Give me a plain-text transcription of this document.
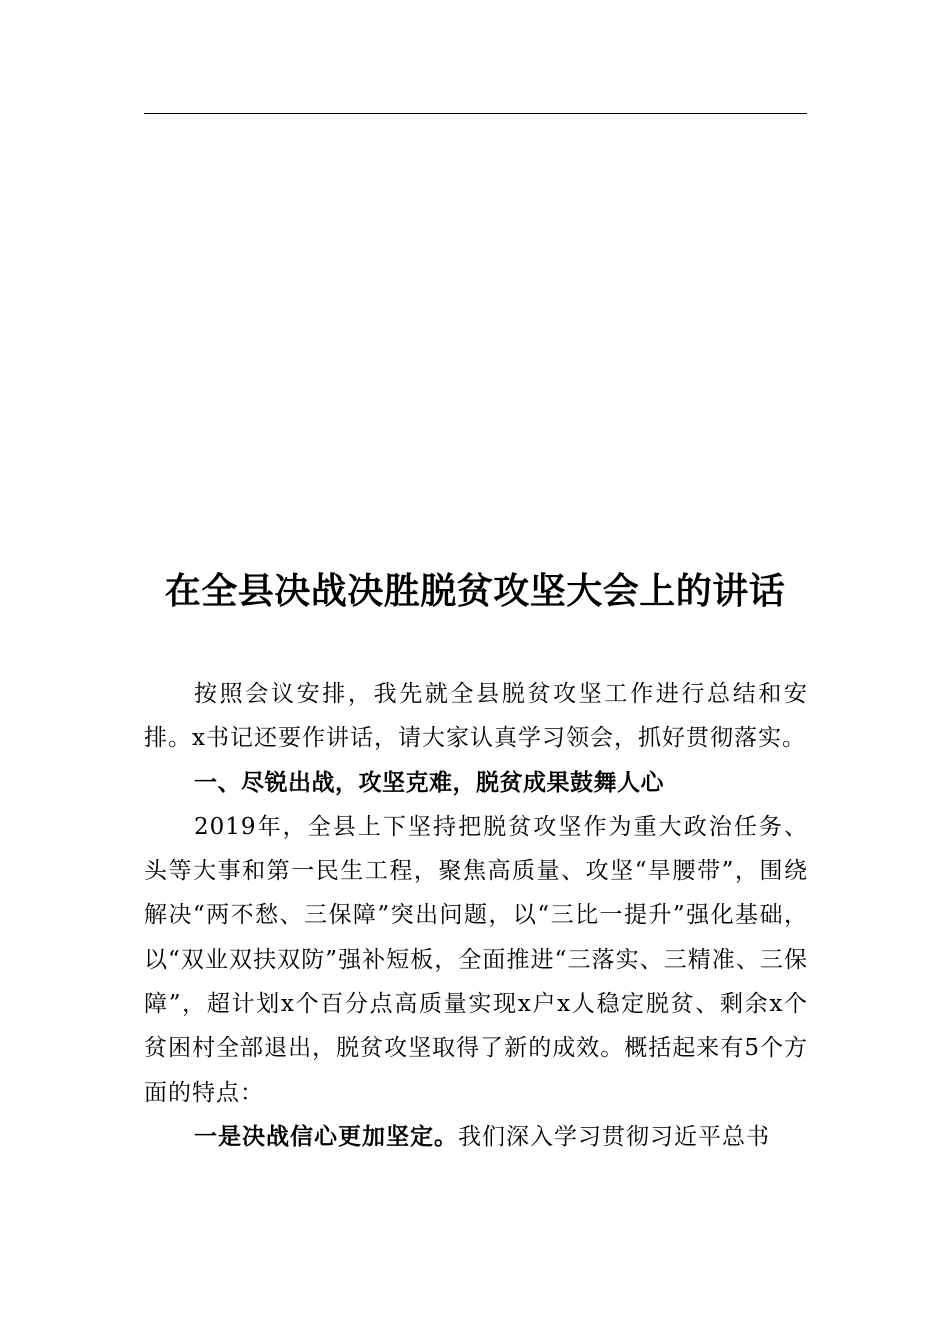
在全县决战决胜脱贫攻坚大会上的讲话

按照会议安排，我先就全县脱贫攻坚工作进行总结和安排。x书记还要作讲话，请大家认真学习领会，抓好贯彻落实。

一、尽锐出战，攻坚克难，脱贫成果鼓舞人心

2019年，全县上下坚持把脱贫攻坚作为重大政治任务、头等大事和第一民生工程，聚焦高质量、攻坚“旱腰带”，围绕解决“两不愁、三保障”突出问题，以“三比一提升”强化基础，以“双业双扶双防”强补短板，全面推进“三落实、三精准、三保障”，超计划x个百分点高质量实现x户x人稳定脱贫、剩余x个贫困村全部退出，脱贫攻坚取得了新的成效。概括起来有5个方面的特点：

一是决战信心更加坚定。我们深入学习贯彻习近平总书
